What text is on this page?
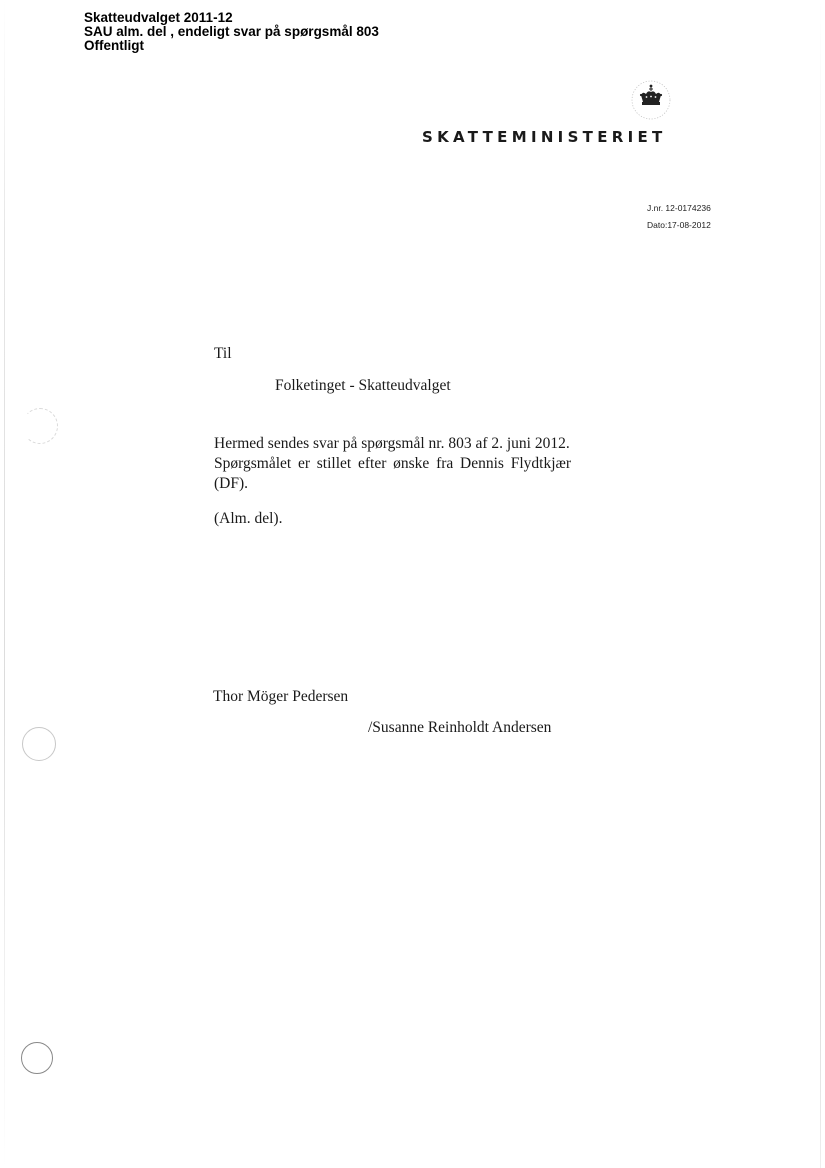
Skatteudvalget 2011-12
SAU alm. del , endeligt svar på spørgsmål 803
Offentligt
SKATTEMINISTERIET
J.nr. 12-0174236
Dato:17-08-2012
Til
Folketinget - Skatteudvalget

Hermed sendes svar på spørgsmål nr. 803 af 2. juni 2012.

Spørgsmålet er stillet efter ønske fra Dennis Flydtkjær

(DF).

(Alm. del).
Thor Möger Pedersen
/Susanne Reinholdt Andersen
